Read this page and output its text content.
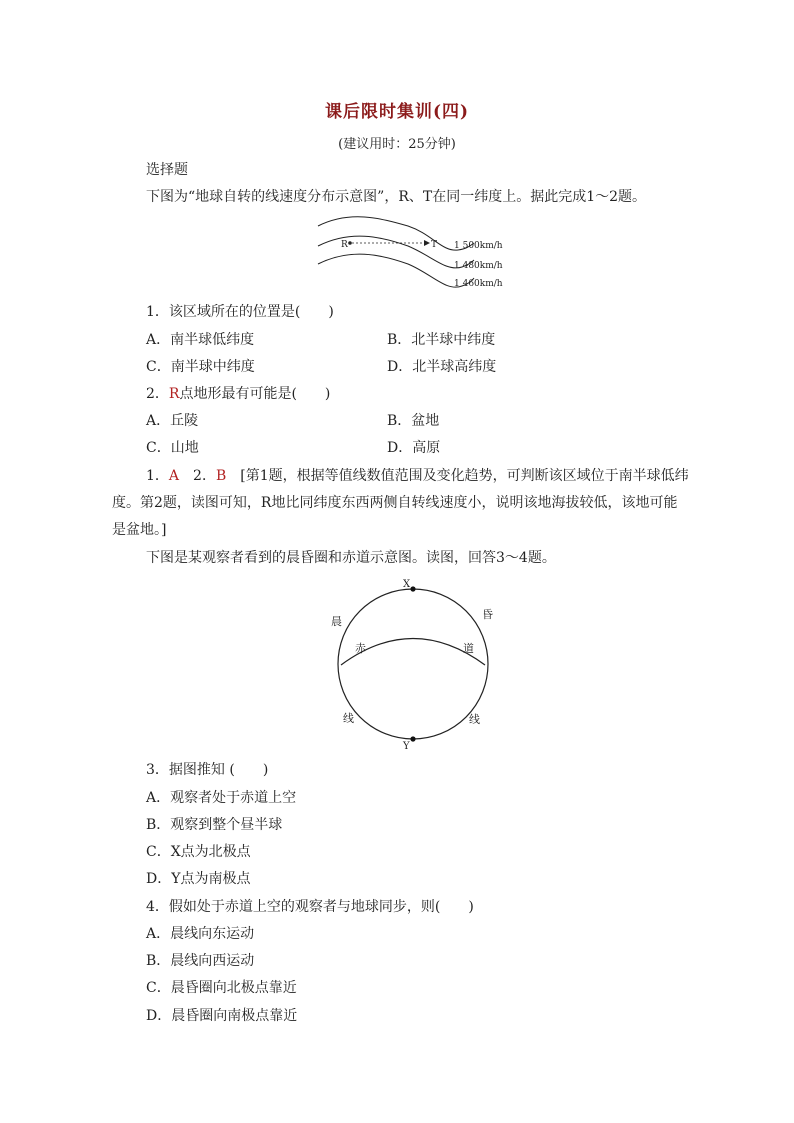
课后限时集训(四)
(建议用时：25分钟)
选择题
下图为“地球自转的线速度分布示意图”，R、T在同一纬度上。据此完成1～2题。
R	T 1 500km/h
1 480km/h
1 460km/h
1．该区域所在的位置是(　　)
A．南半球低纬度	B．北半球中纬度
C．南半球中纬度	D．北半球高纬度
2．R点地形最有可能是(　　)
A．丘陵	B．盆地
C．山地	D．高原
1．A　2．B　[第1题，根据等值线数值范围及变化趋势，可判断该区域位于南半球低纬
度。第2题，读图可知，R地比同纬度东西两侧自转线速度小，说明该地海拔较低，该地可能
是盆地。]
下图是某观察者看到的晨昏圈和赤道示意图。读图，回答3～4题。
X
Y
晨
昏
赤	道
线	线
3．据图推知 (　　)
A．观察者处于赤道上空
B．观察到整个昼半球
C．X点为北极点
D．Y点为南极点
4．假如处于赤道上空的观察者与地球同步，则(　　)
A．晨线向东运动
B．晨线向西运动
C．晨昏圈向北极点靠近
D．晨昏圈向南极点靠近
